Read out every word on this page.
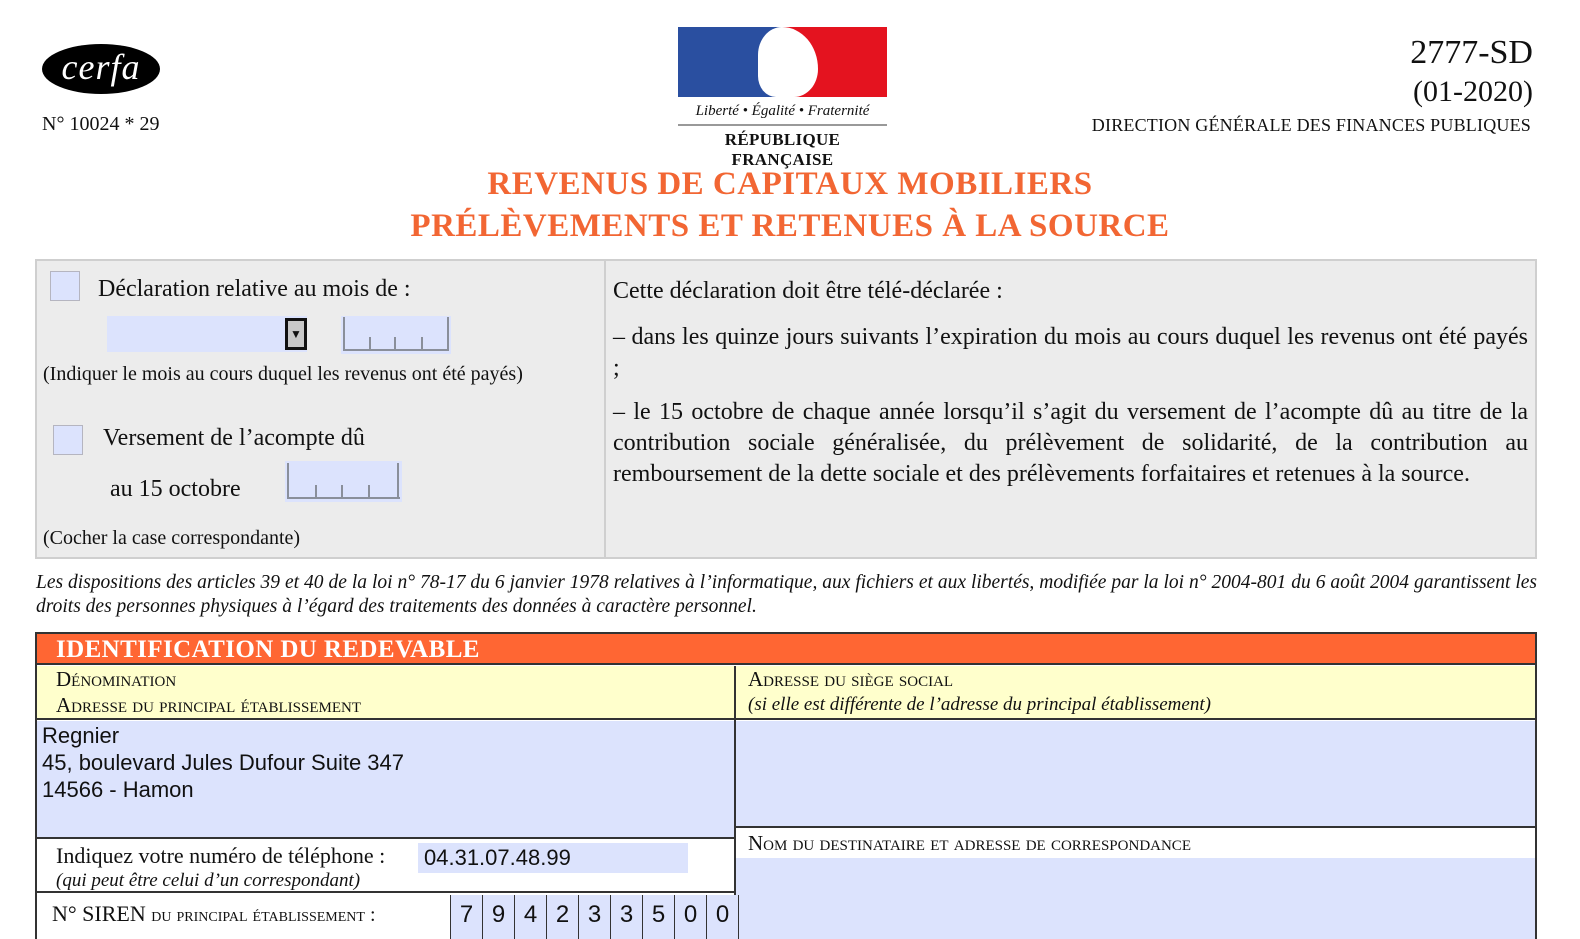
cerfa
N° 10024 * 29
Liberté • Égalité • Fraternité
RÉPUBLIQUE FRANÇAISE
2777-SD
(01-2020)
DIRECTION GÉNÉRALE DES FINANCES PUBLIQUES
REVENUS DE CAPITAUX MOBILIERS
PRÉLÈVEMENTS ET RETENUES À LA SOURCE
Déclaration relative au mois de :
▼
(Indiquer le mois au cours duquel les revenus ont été payés)
Versement de l’acompte dû
au 15 octobre
(Cocher la case correspondante)
Cette déclaration doit être télé-déclarée :
– dans les quinze jours suivants l’expiration du mois au cours duquel les revenus ont été payés ;
– le 15 octobre de chaque année lorsqu’il s’agit du versement de l’acompte dû au titre de la contribution sociale généralisée, du prélèvement de solidarité, de la contribution au remboursement de la dette sociale et des prélèvements forfaitaires et retenues à la source.
Les dispositions des articles 39 et 40 de la loi n° 78-17 du 6 janvier 1978 relatives à l’informatique, aux fichiers et aux libertés, modifiée par la loi n° 2004-801 du 6 août 2004 garantissent les droits des personnes physiques à l’égard des traitements des données à caractère personnel.
IDENTIFICATION DU REDEVABLE
Dénomination
Adresse du principal établissement
Adresse du siège social
(si elle est différente de l’adresse du principal établissement)
Regnier
45, boulevard Jules Dufour Suite 347
14566 - Hamon
Nom du destinataire et adresse de correspondance
Indiquez votre numéro de téléphone :
(qui peut être celui d’un correspondant)
04.31.07.48.99
N° SIREN du principal établissement :	7 9 4 2 3 3 5 0 0
